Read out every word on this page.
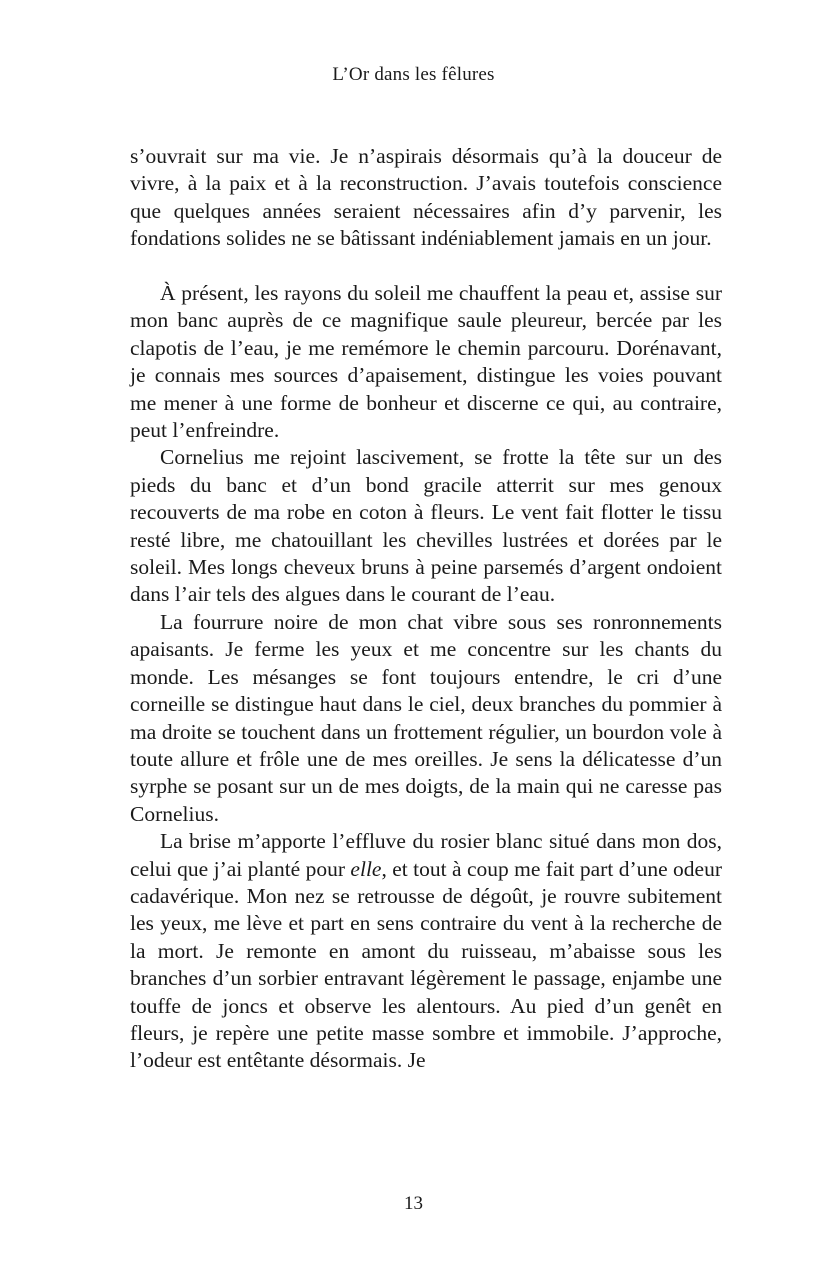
L’Or dans les fêlures

s’ouvrait sur ma vie. Je n’aspirais désormais qu’à la douceur de vivre, à la paix et à la reconstruction. J’avais toutefois conscience que quelques années seraient nécessaires afin d’y parvenir, les fondations solides ne se bâtissant indéniablement jamais en un jour.

À présent, les rayons du soleil me chauffent la peau et, assise sur mon banc auprès de ce magnifique saule pleureur, bercée par les clapotis de l’eau, je me remémore le chemin parcouru. Dorénavant, je connais mes sources d’apaisement, distingue les voies pouvant me mener à une forme de bonheur et discerne ce qui, au contraire, peut l’enfreindre.

Cornelius me rejoint lascivement, se frotte la tête sur un des pieds du banc et d’un bond gracile atterrit sur mes genoux recouverts de ma robe en coton à fleurs. Le vent fait flotter le tissu resté libre, me chatouillant les chevilles lustrées et dorées par le soleil. Mes longs cheveux bruns à peine parsemés d’argent ondoient dans l’air tels des algues dans le courant de l’eau.

La fourrure noire de mon chat vibre sous ses ronronnements apaisants. Je ferme les yeux et me concentre sur les chants du monde. Les mésanges se font toujours entendre, le cri d’une corneille se distingue haut dans le ciel, deux branches du pommier à ma droite se touchent dans un frottement régulier, un bourdon vole à toute allure et frôle une de mes oreilles. Je sens la délicatesse d’un syrphe se posant sur un de mes doigts, de la main qui ne caresse pas Cornelius.

La brise m’apporte l’effluve du rosier blanc situé dans mon dos, celui que j’ai planté pour elle, et tout à coup me fait part d’une odeur cadavérique. Mon nez se retrousse de dégoût, je rouvre subitement les yeux, me lève et part en sens contraire du vent à la recherche de la mort. Je remonte en amont du ruisseau, m’abaisse sous les branches d’un sorbier entravant légèrement le passage, enjambe une touffe de joncs et observe les alentours. Au pied d’un genêt en fleurs, je repère une petite masse sombre et immobile. J’approche, l’odeur est entêtante désormais. Je

13
